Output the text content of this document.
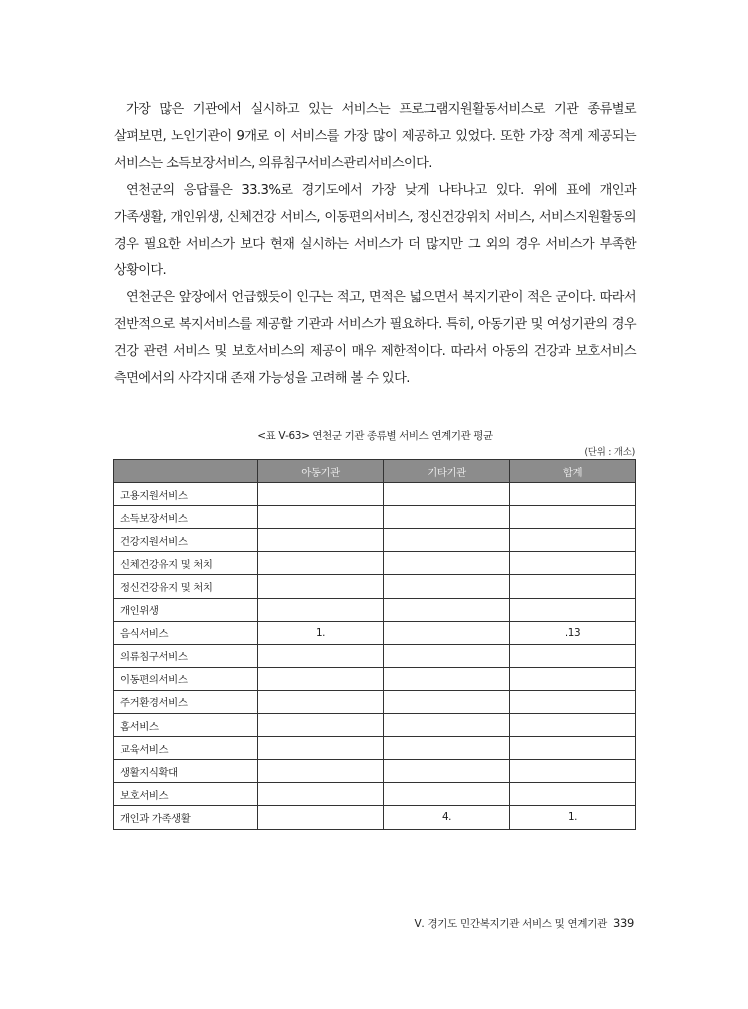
가장 많은 기관에서 실시하고 있는 서비스는 프로그램지원활동서비스로 기관 종류별로 살펴보면, 노인기관이 9개로 이 서비스를 가장 많이 제공하고 있었다. 또한 가장 적게 제공되는 서비스는 소득보장서비스, 의류침구서비스관리서비스이다.

연천군의 응답률은 33.3%로 경기도에서 가장 낮게 나타나고 있다. 위에 표에 개인과 가족생활, 개인위생, 신체건강 서비스, 이동편의서비스, 정신건강위치 서비스, 서비스지원활동의 경우 필요한 서비스가 보다 현재 실시하는 서비스가 더 많지만 그 외의 경우 서비스가 부족한 상황이다.

연천군은 앞장에서 언급했듯이 인구는 적고, 면적은 넓으면서 복지기관이 적은 군이다. 따라서 전반적으로 복지서비스를 제공할 기관과 서비스가 필요하다. 특히, 아동기관 및 여성기관의 경우 건강 관련 서비스 및 보호서비스의 제공이 매우 제한적이다. 따라서 아동의 건강과 보호서비스 측면에서의 사각지대 존재 가능성을 고려해 볼 수 있다.

<표 Ⅴ-63> 연천군 기관 종류별 서비스 연계기관 평균
(단위 : 개소)
	아동기관	기타기관	합계
고용지원서비스			
소득보장서비스			
건강지원서비스			
신체건강유지 및 처치			
정신건강유지 및 처치			
개인위생			
음식서비스	1.		.13
의류침구서비스			
이동편의서비스			
주거환경서비스			
홈서비스			
교육서비스			
생활지식확대			
보호서비스			
개인과 가족생활		4.	1.
Ⅴ. 경기도 민간복지기관 서비스 및 연계기관 339
